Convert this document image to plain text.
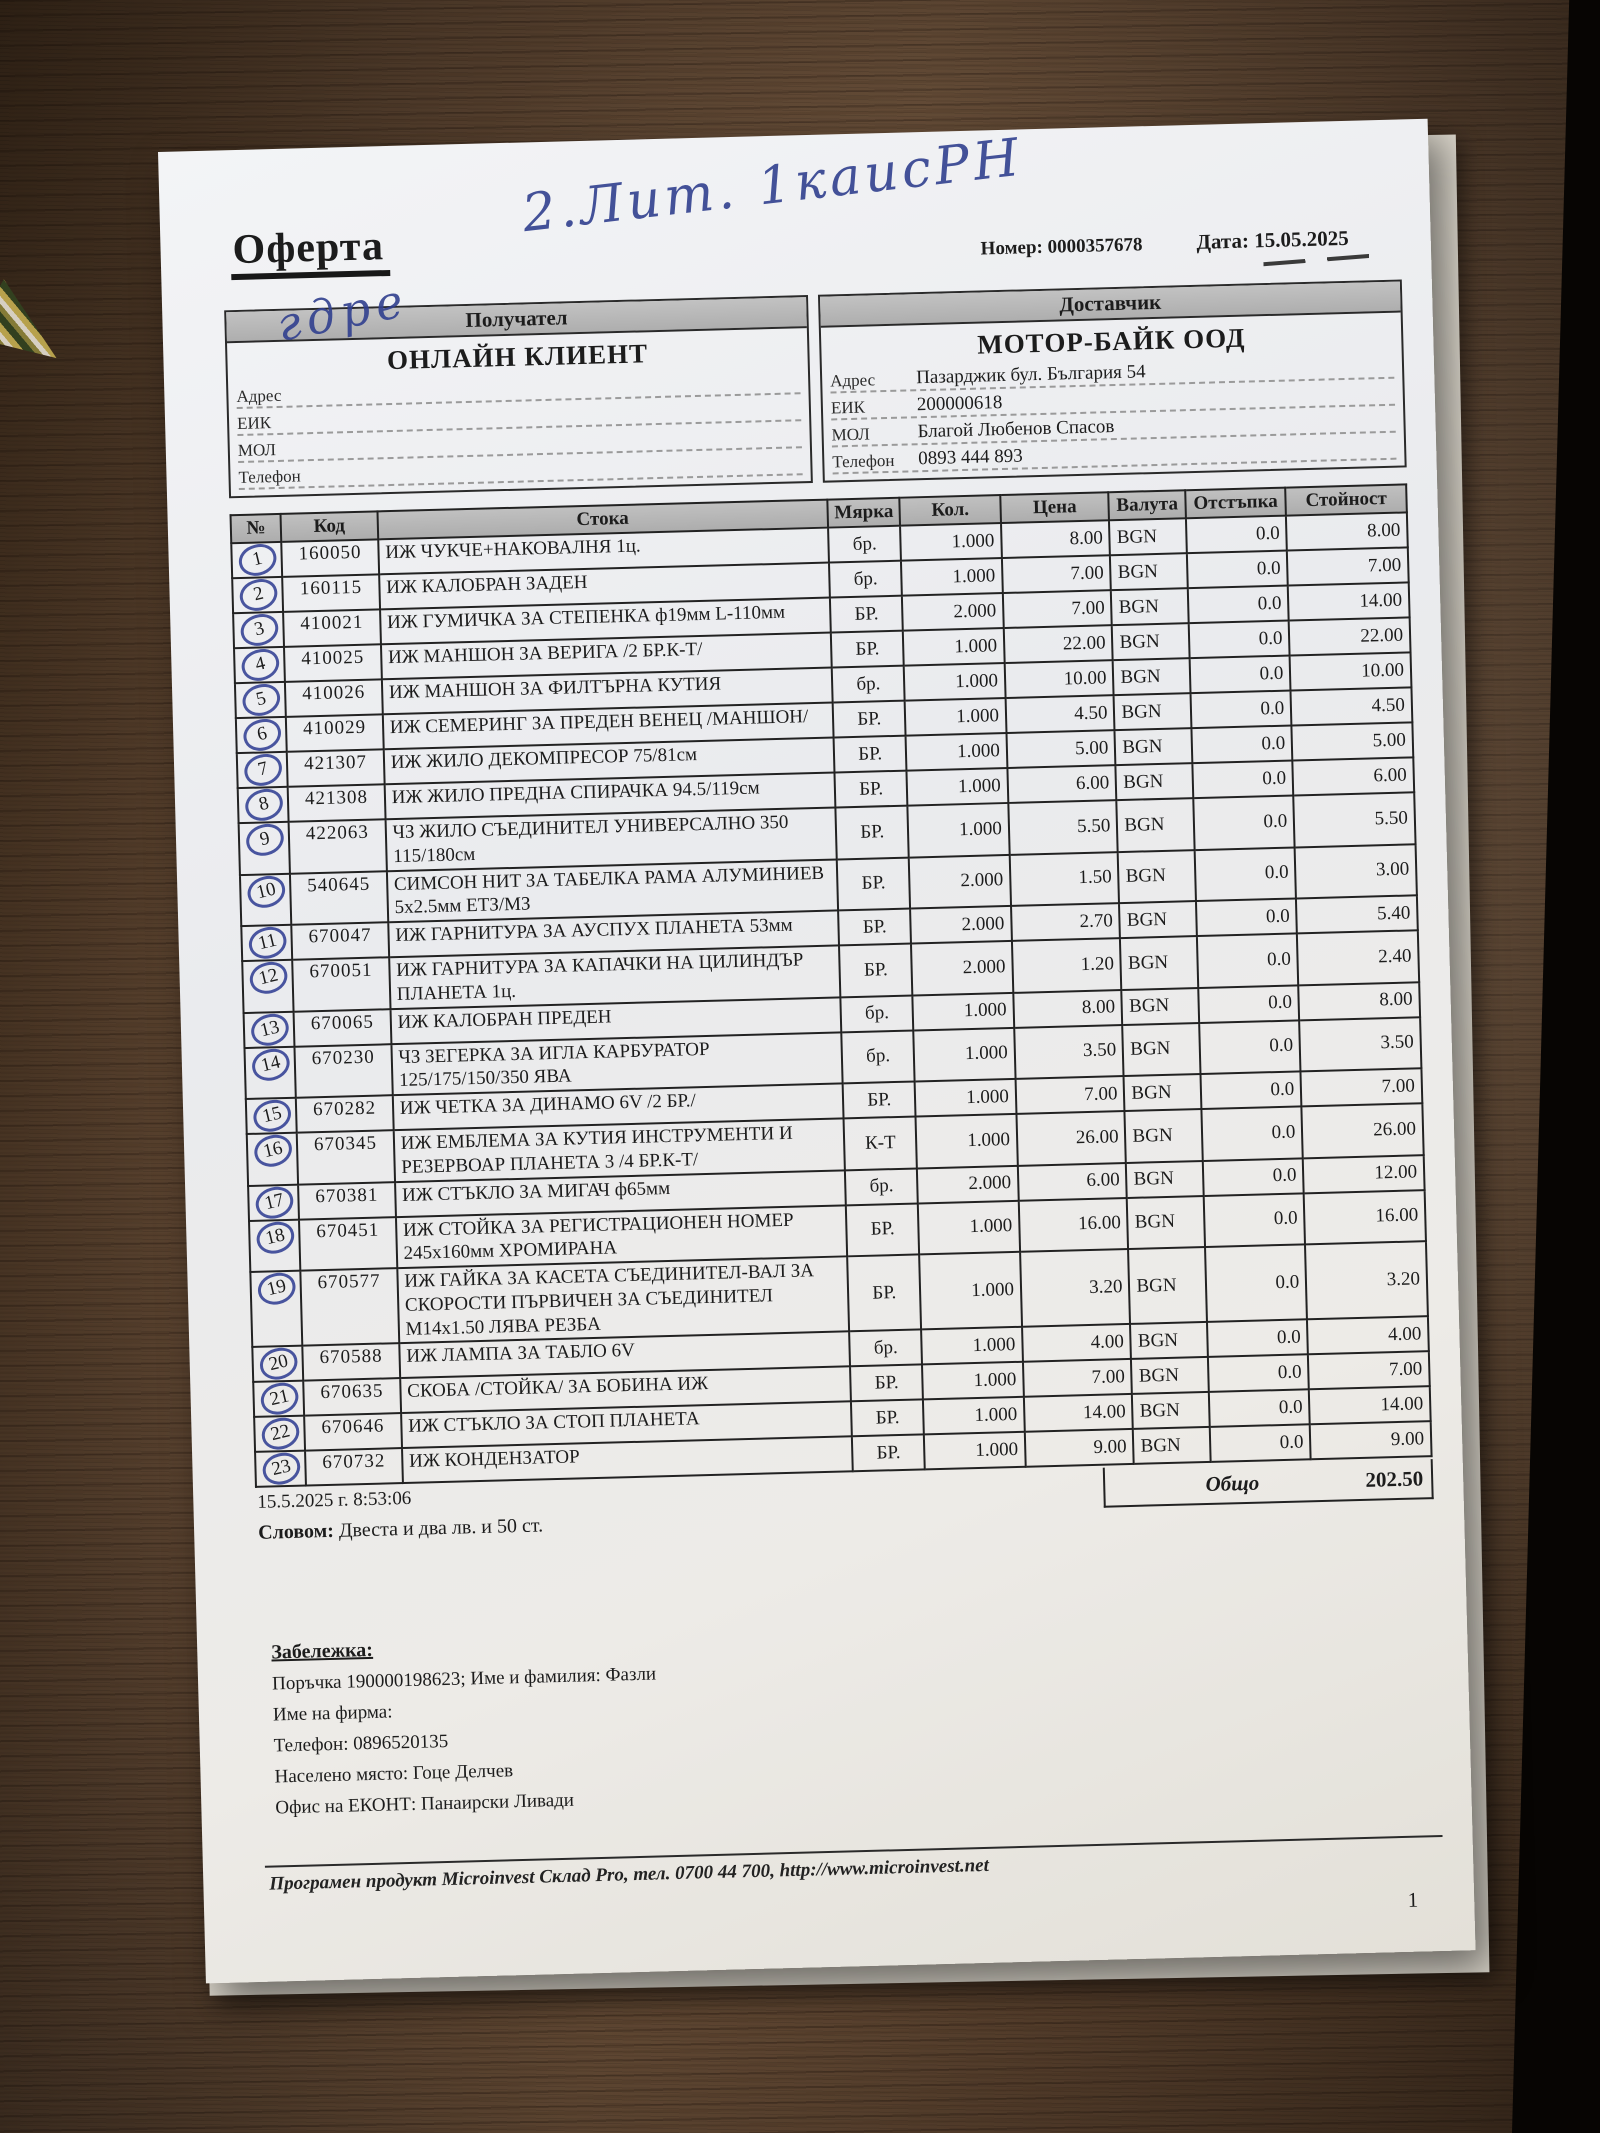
Оферта
2.Лит. 1каисРН
гдре
Номер: 0000357678	Дата: 15.05.2025
Получател
ОНЛАЙН КЛИЕНТ
Адрес
ЕИК
МОЛ
Телефон
Доставчик
МОТОР-БАЙК ООД
Адрес	Пазарджик бул. България 54
ЕИК	200000618
МОЛ	Благой Любенов Спасов
Телефон	0893 444 893
№	Код	Стока	Мярка	Кол.	Цена	Валута	Отстъпка	Стойност
1	160050	ИЖ ЧУКЧЕ+НАКОВАЛНЯ 1ц.	бр.	1.000	8.00	BGN	0.0	8.00
2	160115	ИЖ КАЛОБРАН ЗАДЕН	бр.	1.000	7.00	BGN	0.0	7.00
3	410021	ИЖ ГУМИЧКА ЗА СТЕПЕНКА ф19мм L-110мм	БР.	2.000	7.00	BGN	0.0	14.00
4	410025	ИЖ МАНШОН ЗА ВЕРИГА /2 БР.К-Т/	БР.	1.000	22.00	BGN	0.0	22.00
5	410026	ИЖ МАНШОН ЗА ФИЛТЪРНА КУТИЯ	бр.	1.000	10.00	BGN	0.0	10.00
6	410029	ИЖ СЕМЕРИНГ ЗА ПРЕДЕН ВЕНЕЦ /МАНШОН/	БР.	1.000	4.50	BGN	0.0	4.50
7	421307	ИЖ ЖИЛО ДЕКОМПРЕСОР 75/81см	БР.	1.000	5.00	BGN	0.0	5.00
8	421308	ИЖ ЖИЛО ПРЕДНА СПИРАЧКА 94.5/119см	БР.	1.000	6.00	BGN	0.0	6.00
9	422063	ЧЗ ЖИЛО СЪЕДИНИТЕЛ УНИВЕРСАЛНО 350 115/180см	БР.	1.000	5.50	BGN	0.0	5.50
10	540645	СИМСОН НИТ ЗА ТАБЕЛКА РАМА АЛУМИНИЕВ 5х2.5мм ЕТЗ/МЗ	БР.	2.000	1.50	BGN	0.0	3.00
11	670047	ИЖ ГАРНИТУРА ЗА АУСПУХ ПЛАНЕТА 53мм	БР.	2.000	2.70	BGN	0.0	5.40
12	670051	ИЖ ГАРНИТУРА ЗА КАПАЧКИ НА ЦИЛИНДЪР ПЛАНЕТА 1ц.	БР.	2.000	1.20	BGN	0.0	2.40
13	670065	ИЖ КАЛОБРАН ПРЕДЕН	бр.	1.000	8.00	BGN	0.0	8.00
14	670230	ЧЗ ЗЕГЕРКА ЗА ИГЛА КАРБУРАТОР 125/175/150/350 ЯВА	бр.	1.000	3.50	BGN	0.0	3.50
15	670282	ИЖ ЧЕТКА ЗА ДИНАМО 6V /2 БР./	БР.	1.000	7.00	BGN	0.0	7.00
16	670345	ИЖ ЕМБЛЕМА ЗА КУТИЯ ИНСТРУМЕНТИ И РЕЗЕРВОАР ПЛАНЕТА 3 /4 БР.К-Т/	К-Т	1.000	26.00	BGN	0.0	26.00
17	670381	ИЖ СТЪКЛО ЗА МИГАЧ ф65мм	бр.	2.000	6.00	BGN	0.0	12.00
18	670451	ИЖ СТОЙКА ЗА РЕГИСТРАЦИОНЕН НОМЕР 245х160мм ХРОМИРАНА	БР.	1.000	16.00	BGN	0.0	16.00
19	670577	ИЖ ГАЙКА ЗА КАСЕТА СЪЕДИНИТЕЛ-ВАЛ ЗА СКОРОСТИ ПЪРВИЧЕН ЗА СЪЕДИНИТЕЛ М14х1.50 ЛЯВА РЕЗБА	БР.	1.000	3.20	BGN	0.0	3.20
20	670588	ИЖ ЛАМПА ЗА ТАБЛО 6V	бр.	1.000	4.00	BGN	0.0	4.00
21	670635	СКОБА /СТОЙКА/ ЗА БОБИНА ИЖ	БР.	1.000	7.00	BGN	0.0	7.00
22	670646	ИЖ СТЪКЛО ЗА СТОП ПЛАНЕТА	БР.	1.000	14.00	BGN	0.0	14.00
23	670732	ИЖ КОНДЕНЗАТОР	БР.	1.000	9.00	BGN	0.0	9.00
15.5.2025 г. 8:53:06
Словом: Двеста и два лв. и 50 ст.
Общо	202.50
Забележка:
Поръчка 190000198623; Име и фамилия: Фазли
Име на фирма:
Телефон: 0896520135
Населено място: Гоце Делчев
Офис на ЕКОНТ: Панаирски Ливади
Програмен продукт Microinvest Склад Pro, тел. 0700 44 700, http://www.microinvest.net
1
